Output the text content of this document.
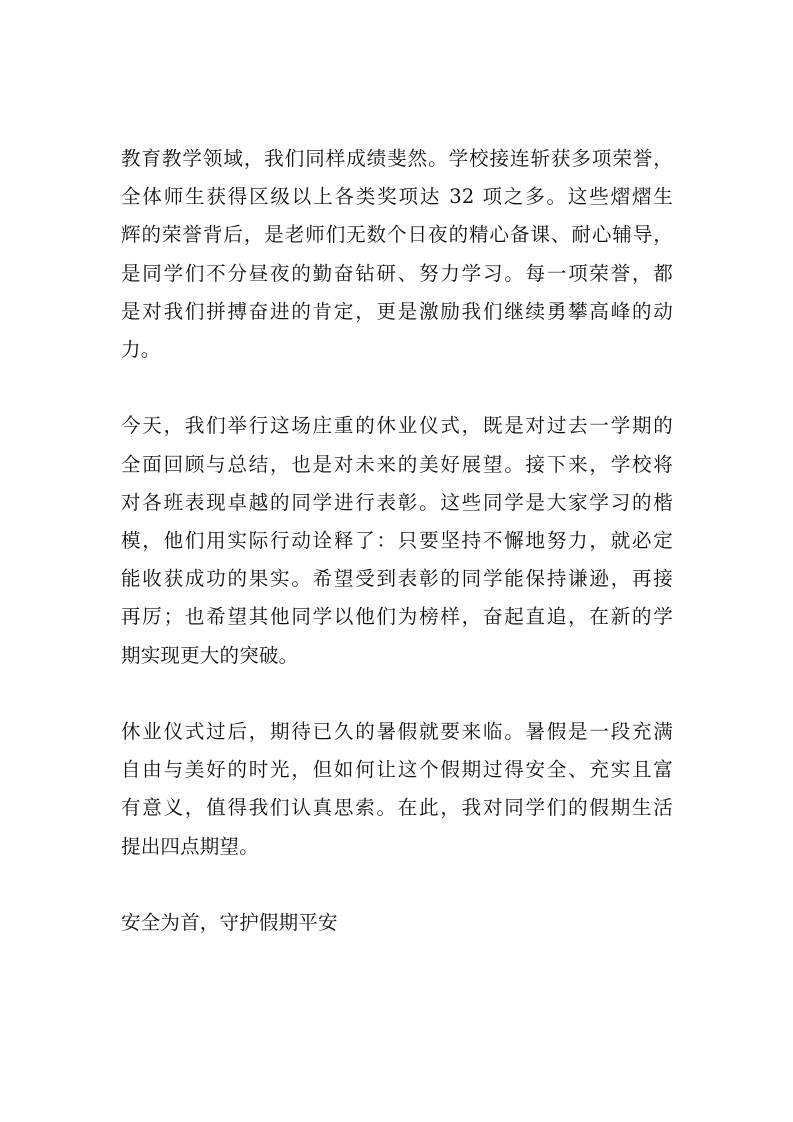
教育教学领域，我们同样成绩斐然。学校接连斩获多项荣誉，
全体师生获得区级以上各类奖项达 32 项之多。这些熠熠生
辉的荣誉背后，是老师们无数个日夜的精心备课、耐心辅导，
是同学们不分昼夜的勤奋钻研、努力学习。每一项荣誉，都
是对我们拼搏奋进的肯定，更是激励我们继续勇攀高峰的动
力。

今天，我们举行这场庄重的休业仪式，既是对过去一学期的
全面回顾与总结，也是对未来的美好展望。接下来，学校将
对各班表现卓越的同学进行表彰。这些同学是大家学习的楷
模，他们用实际行动诠释了：只要坚持不懈地努力，就必定
能收获成功的果实。希望受到表彰的同学能保持谦逊，再接
再厉；也希望其他同学以他们为榜样，奋起直追，在新的学
期实现更大的突破。

休业仪式过后，期待已久的暑假就要来临。暑假是一段充满
自由与美好的时光，但如何让这个假期过得安全、充实且富
有意义，值得我们认真思索。在此，我对同学们的假期生活
提出四点期望。

安全为首，守护假期平安
